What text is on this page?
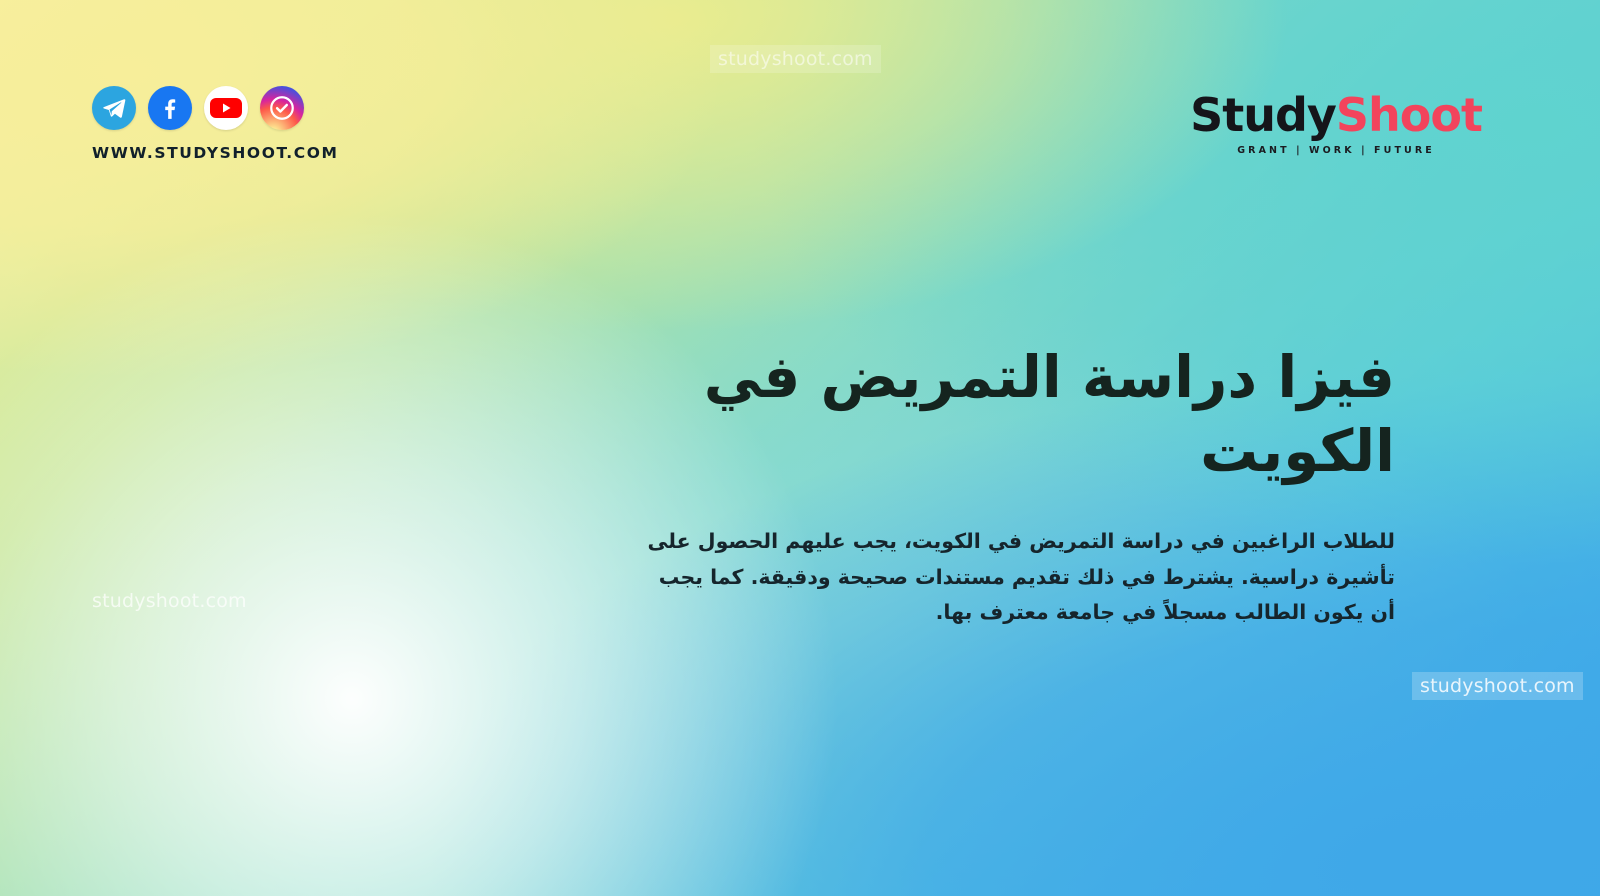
studyshoot.com
studyshoot.com
studyshoot.com
WWW.STUDYSHOOT.COM
StudyShoot
GRANT | WORK | FUTURE
فيزا دراسة التمريض في الكويت

للطلاب الراغبين في دراسة التمريض في الكويت، يجب عليهم الحصول على تأشيرة دراسية. يشترط في ذلك تقديم مستندات صحيحة ودقيقة. كما يجب أن يكون الطالب مسجلاً في جامعة معترف بها.
